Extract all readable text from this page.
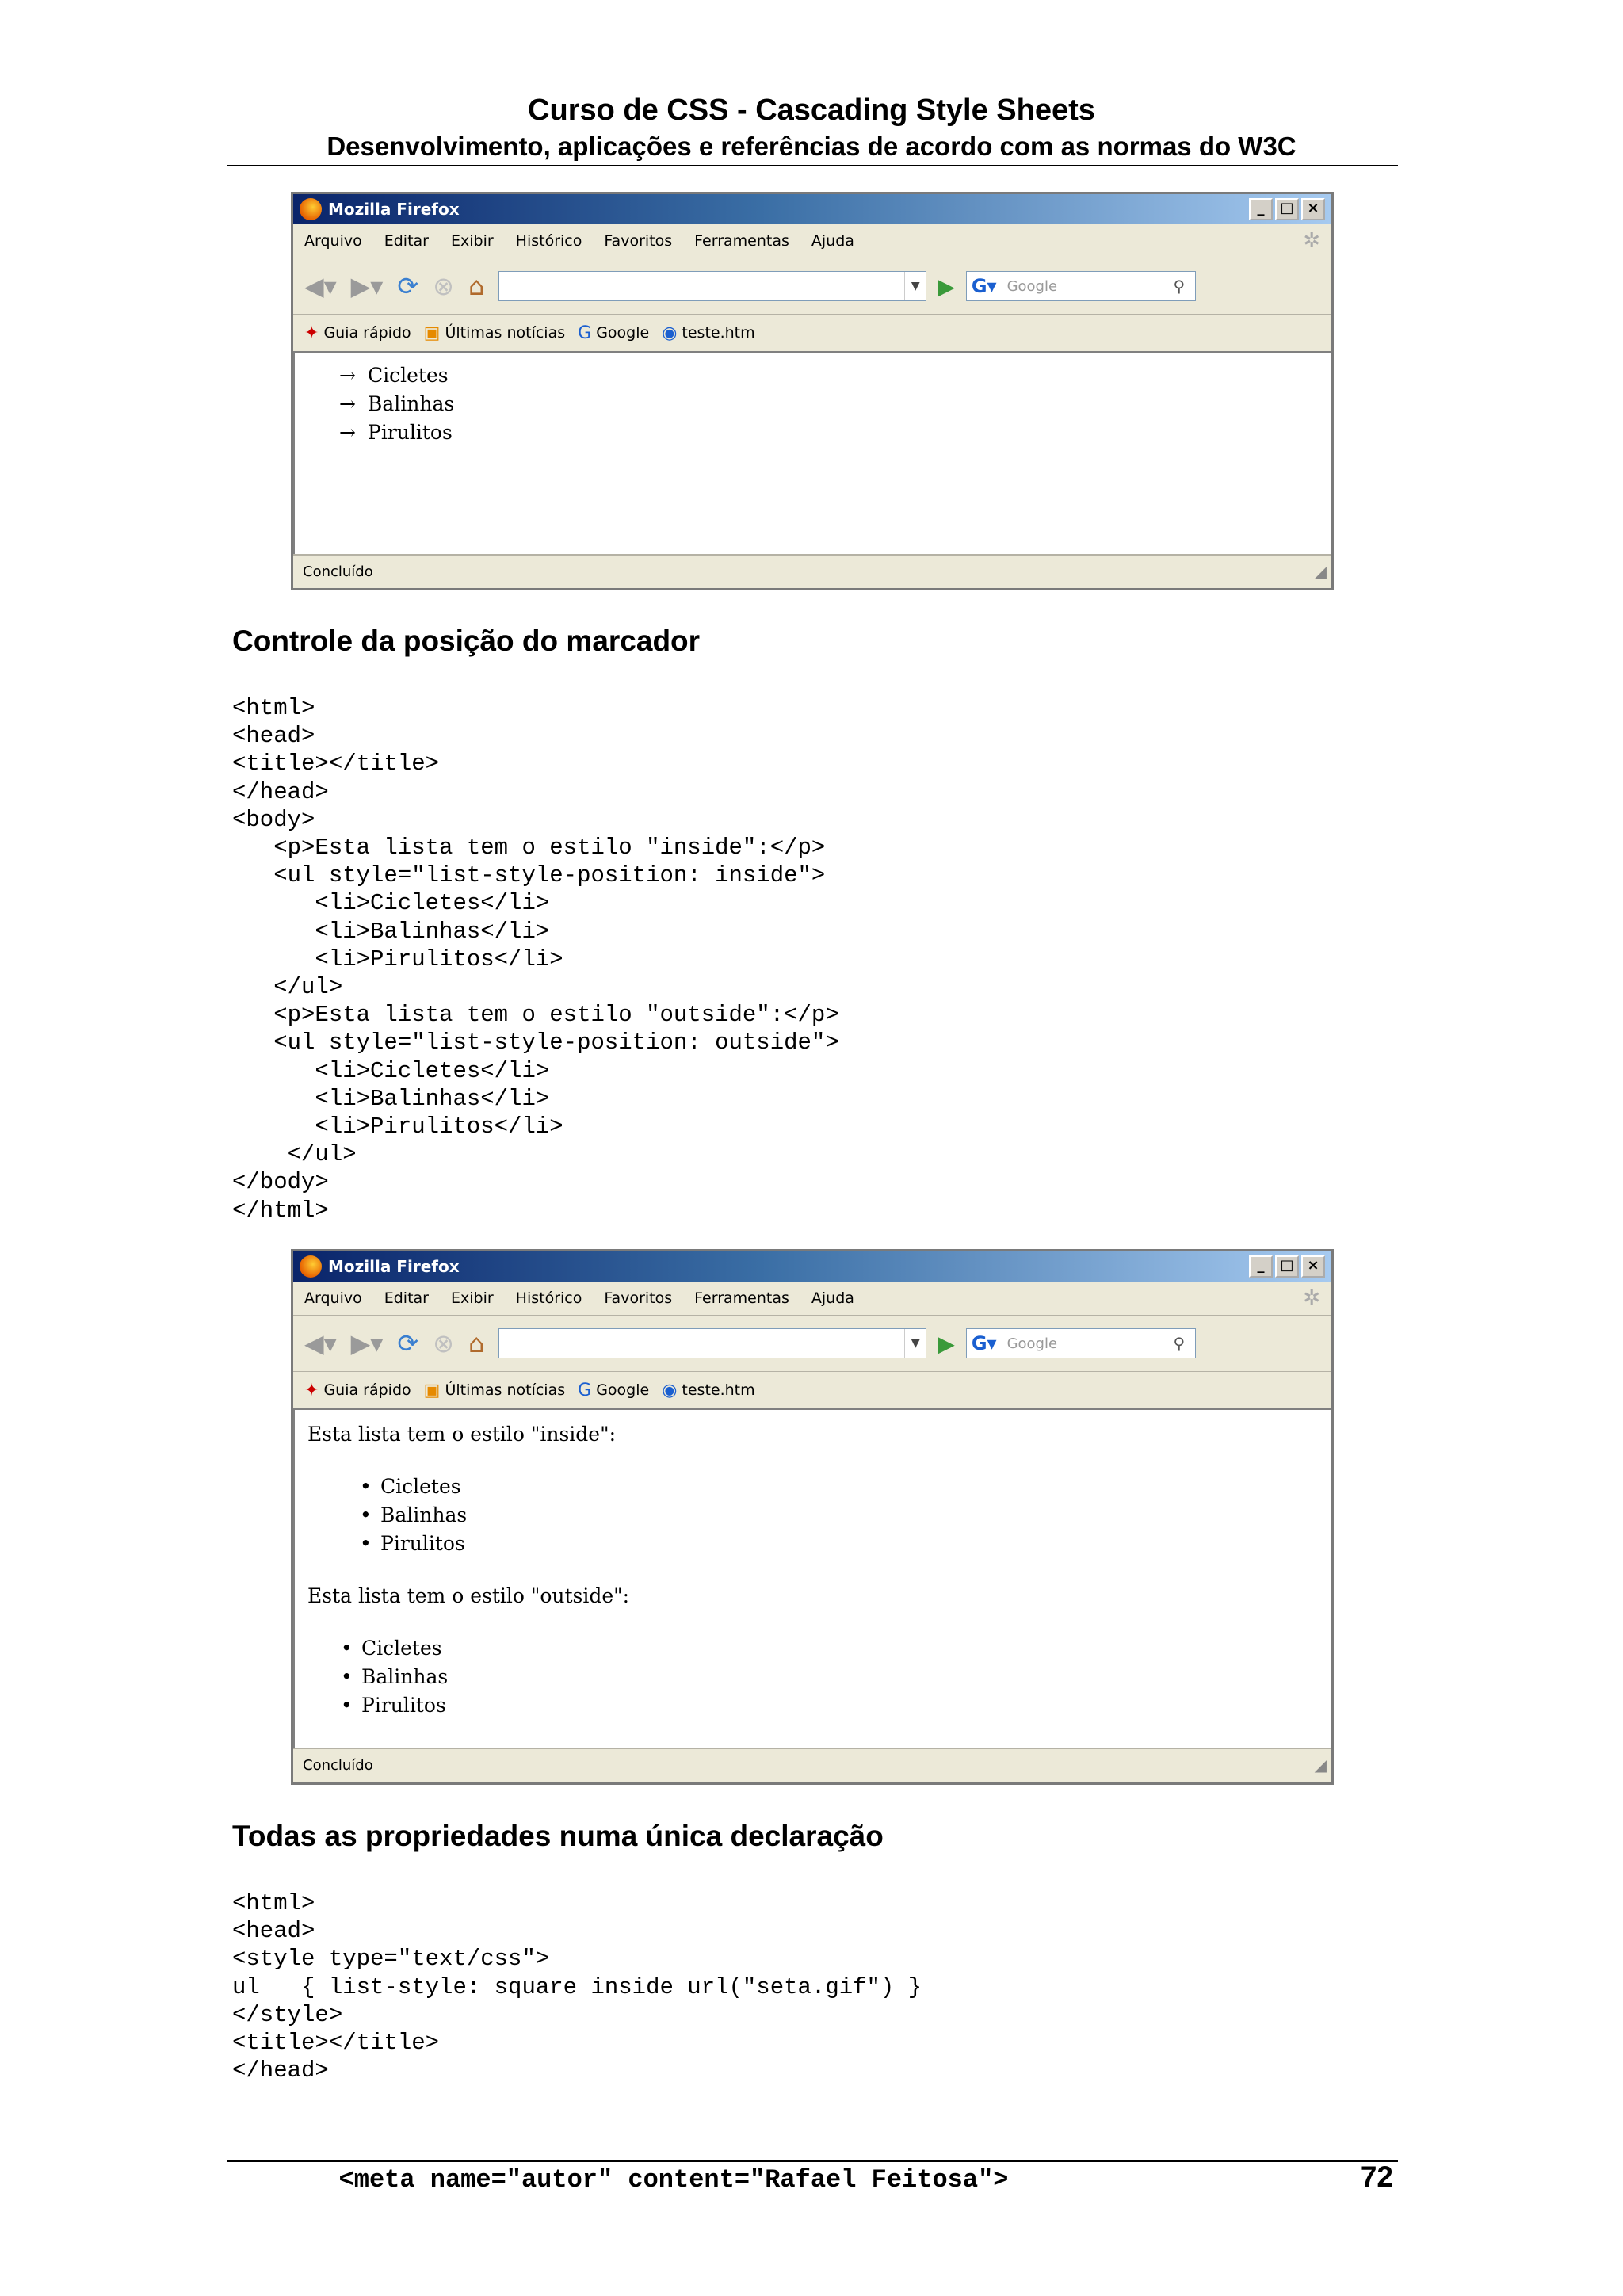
Curso de CSS - Cascading Style Sheets
Desenvolvimento, aplicações e referências de acordo com as normas do W3C
Mozilla Firefox	_	□ ×
Arquivo Editar Exibir Histórico Favoritos Ferramentas Ajuda	✲
◀▾ ▶▾ ⟳ ⊗ ⌂	▼ ▶ G▾ Google	⚲
✦ Guia rápido ▣ Últimas notícias G Google ◉ teste.htm
→ Cicletes
→ Balinhas
→ Pirulitos
Concluído	◢
Controle da posição do marcador
<html>
<head>
<title></title>
</head>
<body>
<p>Esta lista tem o estilo "inside":</p>
<ul style="list-style-position: inside">
<li>Cicletes</li>
<li>Balinhas</li>
<li>Pirulitos</li>
</ul>
<p>Esta lista tem o estilo "outside":</p>
<ul style="list-style-position: outside">
<li>Cicletes</li>
<li>Balinhas</li>
<li>Pirulitos</li>
</ul>
</body>
</html>
Mozilla Firefox	_	□ ×
Arquivo Editar Exibir Histórico Favoritos Ferramentas Ajuda	✲
◀▾ ▶▾ ⟳ ⊗ ⌂	▼ ▶ G▾ Google	⚲
✦ Guia rápido ▣ Últimas notícias G Google ◉ teste.htm
Esta lista tem o estilo "inside":
• Cicletes
• Balinhas
• Pirulitos
Esta lista tem o estilo "outside":
• Cicletes
• Balinhas
• Pirulitos
Concluído	◢
Todas as propriedades numa única declaração
<html>
<head>
<style type="text/css">
ul   { list-style: square inside url("seta.gif") }
</style>
<title></title>
</head>
<meta name="autor" content="Rafael Feitosa">	72
